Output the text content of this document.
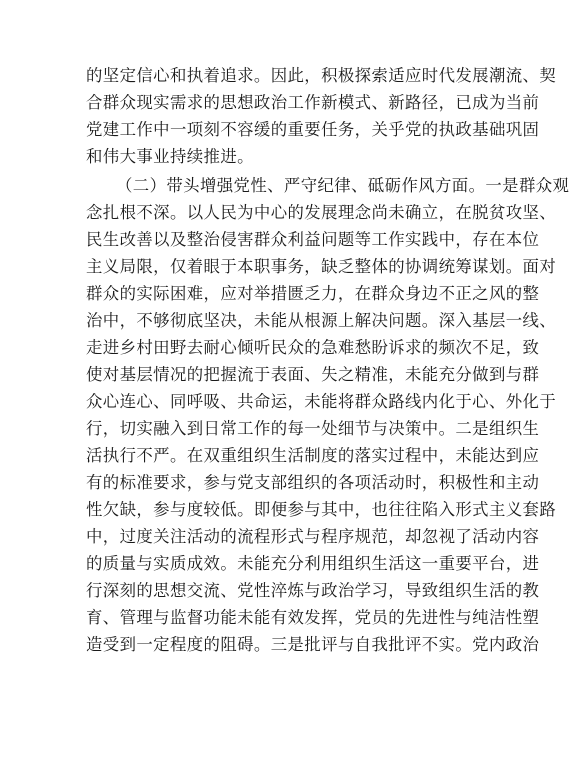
的坚定信心和执着追求。因此，积极探索适应时代发展潮流、契
合群众现实需求的思想政治工作新模式、新路径，已成为当前
党建工作中一项刻不容缓的重要任务，关乎党的执政基础巩固
和伟大事业持续推进。
（二）带头增强党性、严守纪律、砥砺作风方面。一是群众观
念扎根不深。以人民为中心的发展理念尚未确立，在脱贫攻坚、
民生改善以及整治侵害群众利益问题等工作实践中，存在本位
主义局限，仅着眼于本职事务，缺乏整体的协调统筹谋划。面对
群众的实际困难，应对举措匮乏力，在群众身边不正之风的整
治中，不够彻底坚决，未能从根源上解决问题。深入基层一线、
走进乡村田野去耐心倾听民众的急难愁盼诉求的频次不足，致
使对基层情况的把握流于表面、失之精准，未能充分做到与群
众心连心、同呼吸、共命运，未能将群众路线内化于心、外化于
行，切实融入到日常工作的每一处细节与决策中。二是组织生
活执行不严。在双重组织生活制度的落实过程中，未能达到应
有的标准要求，参与党支部组织的各项活动时，积极性和主动
性欠缺，参与度较低。即便参与其中，也往往陷入形式主义套路
中，过度关注活动的流程形式与程序规范，却忽视了活动内容
的质量与实质成效。未能充分利用组织生活这一重要平台，进
行深刻的思想交流、党性淬炼与政治学习，导致组织生活的教
育、管理与监督功能未能有效发挥，党员的先进性与纯洁性塑
造受到一定程度的阻碍。三是批评与自我批评不实。党内政治
